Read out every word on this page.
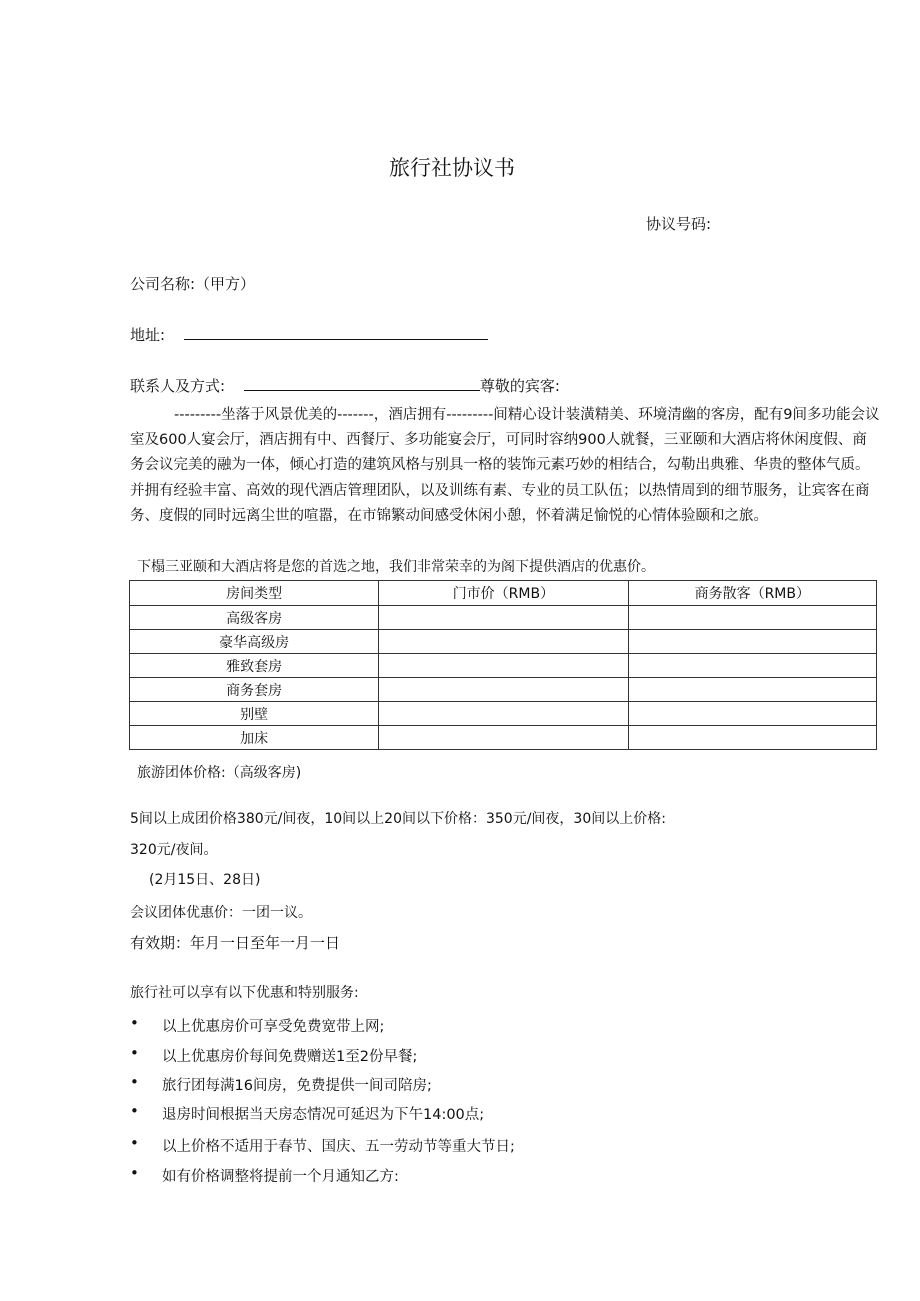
旅行社协议书
协议号码:
公司名称:（甲方）
地址:
联系人及方式:	尊敬的宾客:
---------坐落于风景优美的-------，酒店拥有---------间精心设计装潢精美、环境清幽的客房，配有9间多功能会议室及600人宴会厅，酒店拥有中、西餐厅、多功能宴会厅，可同时容纳900人就餐，三亚颐和大酒店将休闲度假、商务会议完美的融为一体，倾心打造的建筑风格与别具一格的装饰元素巧妙的相结合，勾勒出典雅、华贵的整体气质。并拥有经验丰富、高效的现代酒店管理团队，以及训练有素、专业的员工队伍；以热情周到的细节服务，让宾客在商务、度假的同时远离尘世的喧嚣，在市锦繁动间感受休闲小憩，怀着满足愉悦的心情体验颐和之旅。
下榻三亚颐和大酒店将是您的首选之地，我们非常荣幸的为阁下提供酒店的优惠价。
房间类型	门市价（RMB）	商务散客（RMB）
高级客房		
豪华高级房		
雅致套房		
商务套房		
别壁		
加床		
旅游团体价格:（高级客房)
5间以上成团价格380元/间夜，10间以上20间以下价格：350元/间夜，30间以上价格:
320元/夜间。
(2月15日、28日)
会议团体优惠价：一团一议。
有效期：年月一日至年一月一日
旅行社可以享有以下优惠和特别服务:
• 以上优惠房价可享受免费宽带上网;
• 以上优惠房价每间免费赠送1至2份早餐;
• 旅行团每满16间房，免费提供一间司陪房;
• 退房时间根据当天房态情况可延迟为下午14:00点;
• 以上价格不适用于春节、国庆、五一劳动节等重大节日;
• 如有价格调整将提前一个月通知乙方:
